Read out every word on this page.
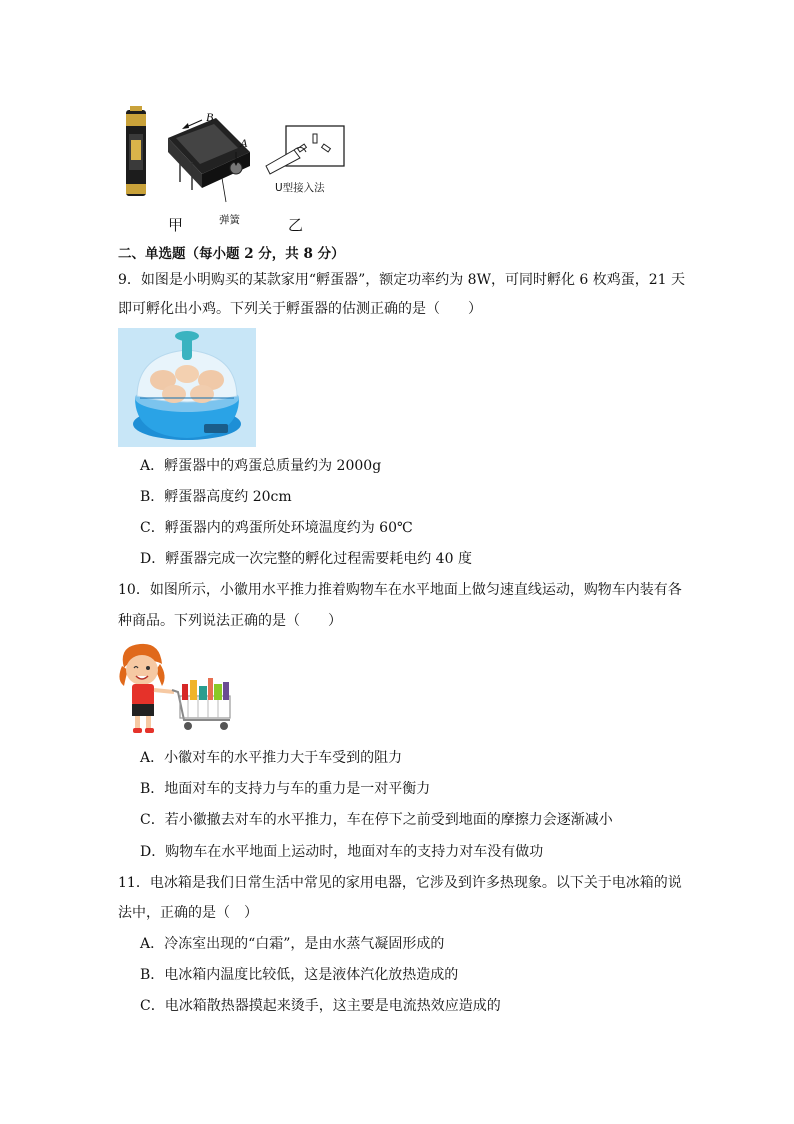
B
A
弹簧
甲
U型接入法
乙
二、单选题（每小题 2 分，共 8 分）
9．如图是小明购买的某款家用“孵蛋器”，额定功率约为 8W，可同时孵化 6 枚鸡蛋，21 天
即可孵化出小鸡。下列关于孵蛋器的估测正确的是（　　）
A．孵蛋器中的鸡蛋总质量约为 2000g
B．孵蛋器高度约 20cm
C．孵蛋器内的鸡蛋所处环境温度约为 60℃
D．孵蛋器完成一次完整的孵化过程需要耗电约 40 度
10．如图所示，小徽用水平推力推着购物车在水平地面上做匀速直线运动，购物车内装有各
种商品。下列说法正确的是（　　）
A．小徽对车的水平推力大于车受到的阻力
B．地面对车的支持力与车的重力是一对平衡力
C．若小徽撤去对车的水平推力，车在停下之前受到地面的摩擦力会逐渐减小
D．购物车在水平地面上运动时，地面对车的支持力对车没有做功
11．电冰箱是我们日常生活中常见的家用电器，它涉及到许多热现象。以下关于电冰箱的说
法中，正确的是（　）
A．冷冻室出现的“白霜”，是由水蒸气凝固形成的
B．电冰箱内温度比较低，这是液体汽化放热造成的
C．电冰箱散热器摸起来烫手，这主要是电流热效应造成的
